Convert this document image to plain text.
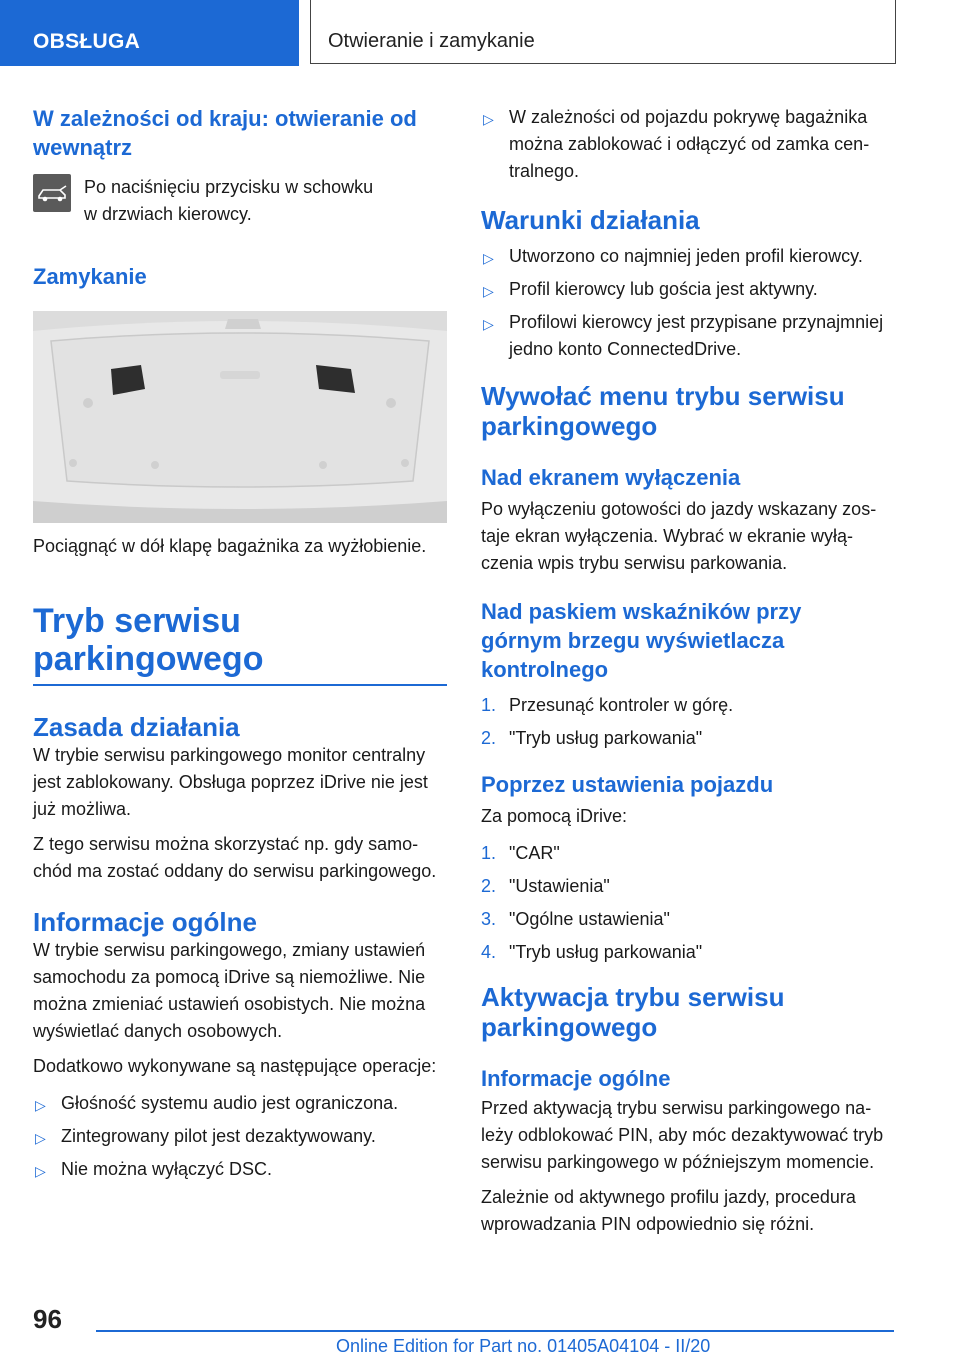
OBSŁUGA	Otwieranie i zamykanie
W zależności od kraju: otwieranie od wewnątrz

Po naciśnięciu przycisku w schowku w drzwiach kierowcy.

Zamykanie

Pociągnąć w dół klapę bagażnika za wyżłobienie.

Tryb serwisu parkingowego
Zasada działania

W trybie serwisu parkingowego monitor centralny jest zablokowany. Obsługa poprzez iDrive nie jest już możliwa.

Z tego serwisu można skorzystać np. gdy samochód ma zostać oddany do serwisu parkingowego.

Informacje ogólne

W trybie serwisu parkingowego, zmiany ustawień samochodu za pomocą iDrive są niemożliwe. Nie można zmieniać ustawień osobistych. Nie można wyświetlać danych osobowych.

Dodatkowo wykonywane są następujące operacje:

▷ Głośność systemu audio jest ograniczona.
▷ Zintegrowany pilot jest dezaktywowany.
▷ Nie można wyłączyć DSC.
▷ W zależności od pojazdu pokrywę bagażnika można zablokować i odłączyć od zamka centralnego.
Warunki działania
▷ Utworzono co najmniej jeden profil kierowcy.
▷ Profil kierowcy lub gościa jest aktywny.
▷ Profilowi kierowcy jest przypisane przynajmniej jedno konto ConnectedDrive.
Wywołać menu trybu serwisu parkingowego
Nad ekranem wyłączenia

Po wyłączeniu gotowości do jazdy wskazany zostaje ekran wyłączenia. Wybrać w ekranie wyłączenia wpis trybu serwisu parkowania.

Nad paskiem wskaźników przy górnym brzegu wyświetlacza kontrolnego
1. Przesunąć kontroler w górę.
2. "Tryb usług parkowania"
Poprzez ustawienia pojazdu

Za pomocą iDrive:

1. "CAR"
2. "Ustawienia"
3. "Ogólne ustawienia"
4. "Tryb usług parkowania"
Aktywacja trybu serwisu parkingowego
Informacje ogólne

Przed aktywacją trybu serwisu parkingowego należy odblokować PIN, aby móc dezaktywować tryb serwisu parkingowego w późniejszym momencie.

Zależnie od aktywnego profilu jazdy, procedura wprowadzania PIN odpowiednio się różni.

96
Online Edition for Part no. 01405A04104 - II/20
